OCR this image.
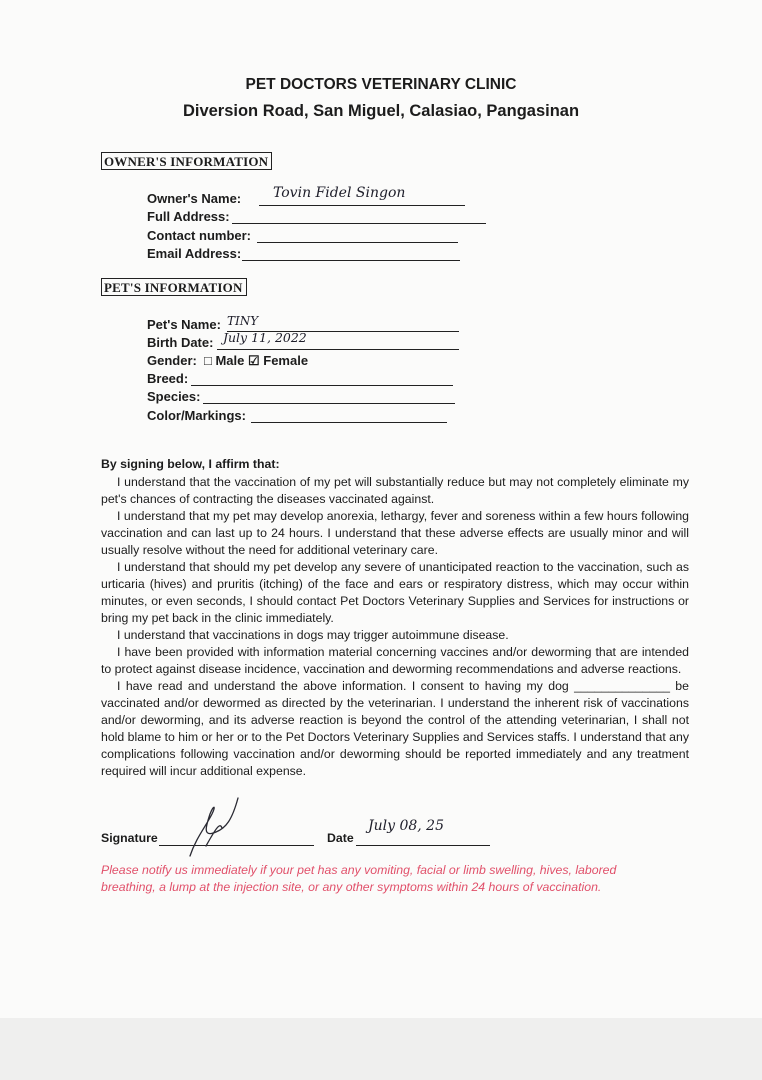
PET DOCTORS VETERINARY CLINIC
Diversion Road, San Miguel, Calasiao, Pangasinan
OWNER'S INFORMATION
Owner's Name: Tovin Fidel Singon
Full Address:
Contact number:
Email Address:
PET'S INFORMATION
Pet's Name: TINY
Birth Date: July 11, 2022
Gender: □ Male ☑ Female
Breed:
Species:
Color/Markings:
By signing below, I affirm that:

I understand that the vaccination of my pet will substantially reduce but may not completely eliminate my pet's chances of contracting the diseases vaccinated against.

I understand that my pet may develop anorexia, lethargy, fever and soreness within a few hours following vaccination and can last up to 24 hours. I understand that these adverse effects are usually minor and will usually resolve without the need for additional veterinary care.

I understand that should my pet develop any severe of unanticipated reaction to the vaccination, such as urticaria (hives) and pruritis (itching) of the face and ears or respiratory distress, which may occur within minutes, or even seconds, I should contact Pet Doctors Veterinary Supplies and Services for instructions or bring my pet back in the clinic immediately.

I understand that vaccinations in dogs may trigger autoimmune disease.

I have been provided with information material concerning vaccines and/or deworming that are intended to protect against disease incidence, vaccination and deworming recommendations and adverse reactions.

I have read and understand the above information. I consent to having my dog ______________ be vaccinated and/or dewormed as directed by the veterinarian. I understand the inherent risk of vaccinations and/or deworming, and its adverse reaction is beyond the control of the attending veterinarian, I shall not hold blame to him or her or to the Pet Doctors Veterinary Supplies and Services staffs. I understand that any complications following vaccination and/or deworming should be reported immediately and any treatment required will incur additional expense.

Signature	Date
July 08, 25
Please notify us immediately if your pet has any vomiting, facial or limb swelling, hives, labored breathing, a lump at the injection site, or any other symptoms within 24 hours of vaccination.
